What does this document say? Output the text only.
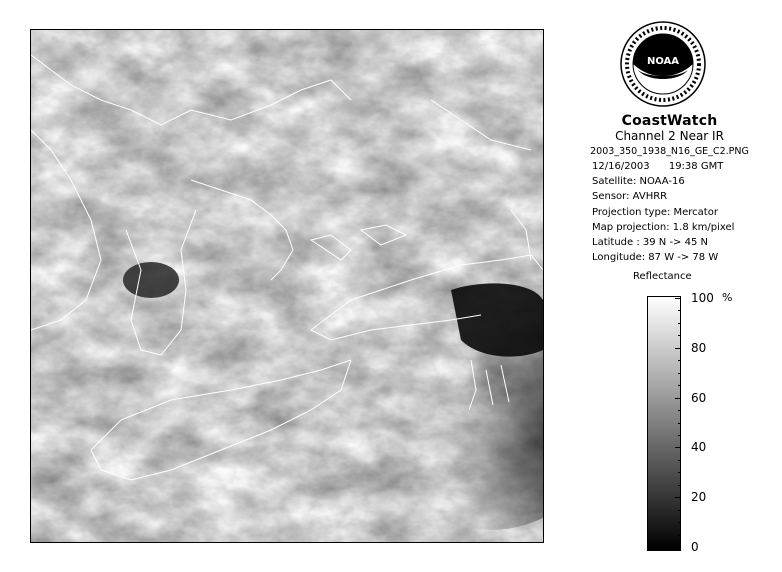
NOAA
CoastWatch
Channel 2 Near IR
2003_350_1938_N16_GE_C2.PNG
12/16/2003 19:38 GMT
Satellite: NOAA-16
Sensor: AVHRR
Projection type: Mercator
Map projection: 1.8 km/pixel
Latitude : 39 N -> 45 N
Longitude: 87 W -> 78 W
Reflectance
%
100
80
60
40
20
0
